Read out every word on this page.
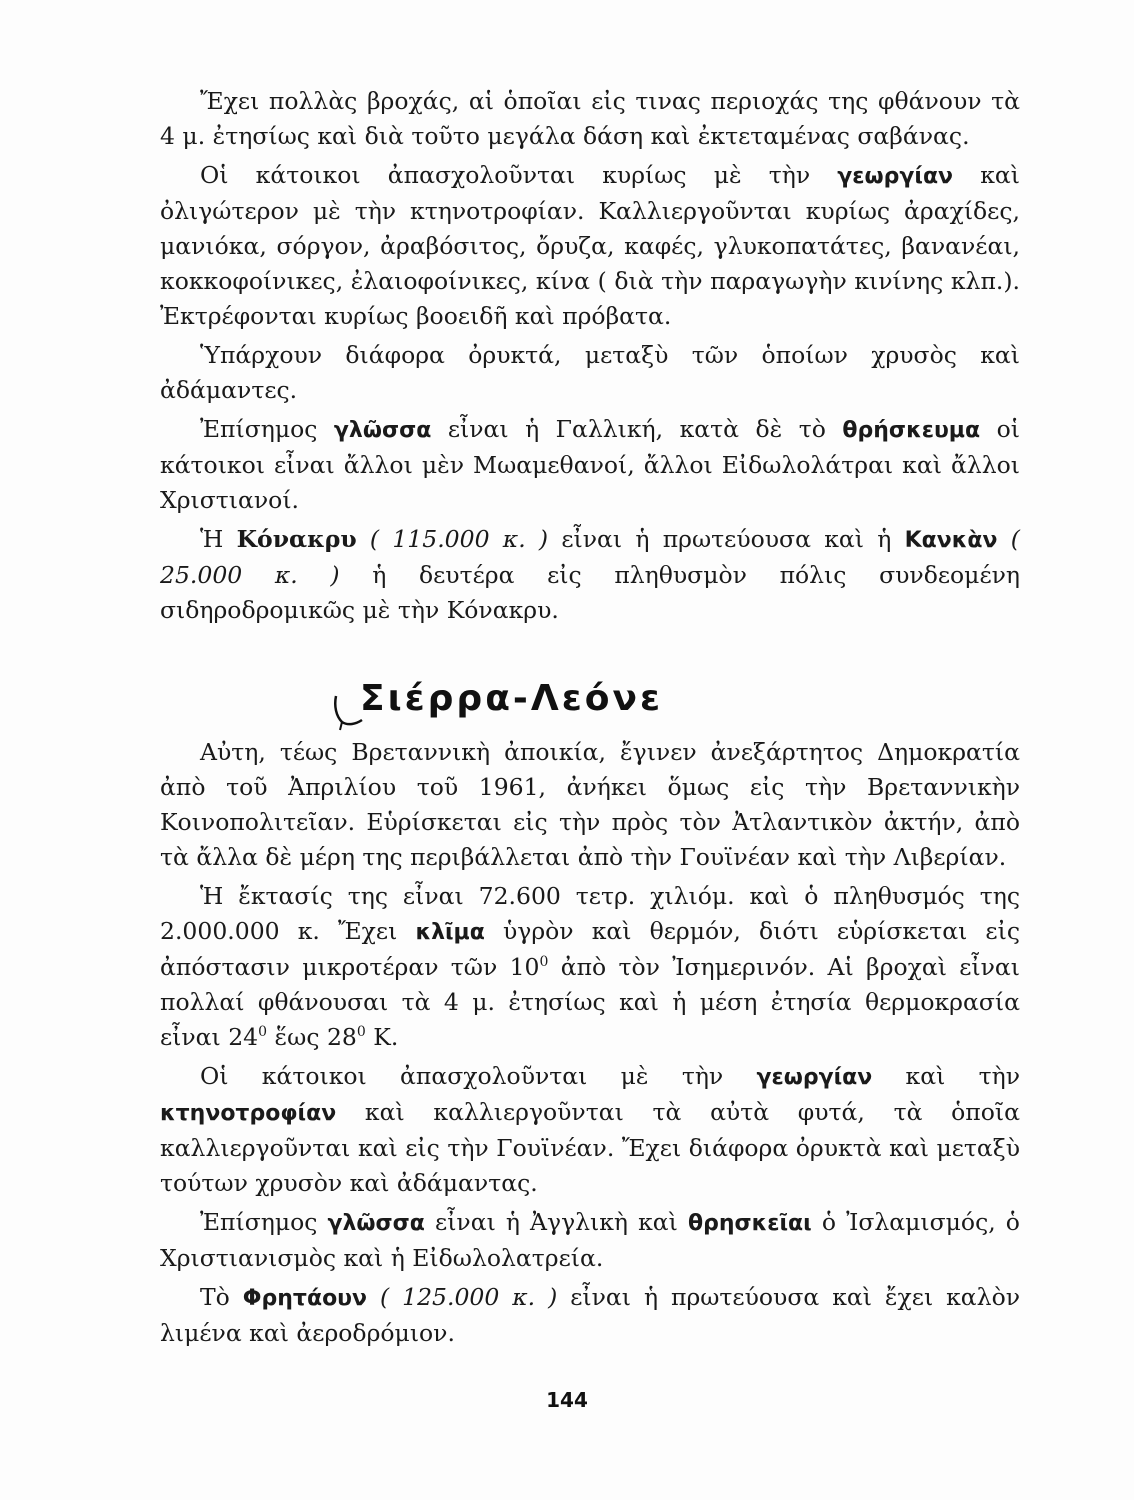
Ἔχει πολλὰς βροχάς, αἱ ὁποῖαι εἰς τινας περιοχάς της φθάνουν τὰ 4 μ. ἐτησίως καὶ διὰ τοῦτο μεγάλα δάση καὶ ἐκτεταμένας σαβάνας.

Οἱ κάτοικοι ἀπασχολοῦνται κυρίως μὲ τὴν γεωργίαν καὶ ὀλιγώτερον μὲ τὴν κτηνοτροφίαν. Καλλιεργοῦνται κυρίως ἀραχίδες, μανιόκα, σόργον, ἀραβόσιτος, ὄρυζα, καφές, γλυκοπατάτες, βανανέαι, κοκκοφοίνικες, ἐλαιοφοίνικες, κίνα ( διὰ τὴν παραγωγὴν κινίνης κλπ.). Ἐκτρέφονται κυρίως βοοειδῆ καὶ πρόβατα.

Ὑπάρχουν διάφορα ὀρυκτά, μεταξὺ τῶν ὁποίων χρυσὸς καὶ ἀδάμαντες.

Ἐπίσημος γλῶσσα εἶναι ἡ Γαλλική, κατὰ δὲ τὸ θρήσκευμα οἱ κάτοικοι εἶναι ἄλλοι μὲν Μωαμεθανοί, ἄλλοι Εἰδωλολάτραι καὶ ἄλλοι Χριστιανοί.

Ἡ Κόνακρυ ( 115.000 κ. ) εἶναι ἡ πρωτεύουσα καὶ ἡ Κανκὰν ( 25.000 κ. ) ἡ δευτέρα εἰς πληθυσμὸν πόλις συνδεομένη σιδηροδρομικῶς μὲ τὴν Κόνακρυ.

Σιέρρα-Λεόνε

Αὐτη, τέως Βρεταννικὴ ἀποικία, ἔγινεν ἀνεξάρτητος Δημοκρατία ἀπὸ τοῦ Ἀπριλίου τοῦ 1961, ἀνήκει ὅμως εἰς τὴν Βρεταννικὴν Κοινοπολιτεῖαν. Εὑρίσκεται εἰς τὴν πρὸς τὸν Ἀτλαντικὸν ἀκτήν, ἀπὸ τὰ ἄλλα δὲ μέρη της περιβάλλεται ἀπὸ τὴν Γουϊνέαν καὶ τὴν Λιβερίαν.

Ἡ ἔκτασίς της εἶναι 72.600 τετρ. χιλιόμ. καὶ ὁ πληθυσμός της 2.000.000 κ. Ἔχει κλῖμα ὑγρὸν καὶ θερμόν, διότι εὑρίσκεται εἰς ἀπόστασιν μικροτέραν τῶν $10^0$ ἀπὸ τὸν Ἰσημερινόν. Αἱ βροχαὶ εἶναι πολλαί φθάνουσαι τὰ 4 μ. ἐτησίως καὶ ἡ μέση ἐτησία θερμοκρασία εἶναι $24^0$ ἕως $28^0$ Κ.

Οἱ κάτοικοι ἀπασχολοῦνται μὲ τὴν γεωργίαν καὶ τὴν κτηνοτροφίαν καὶ καλλιεργοῦνται τὰ αὐτὰ φυτά, τὰ ὁποῖα καλλιεργοῦνται καὶ εἰς τὴν Γουϊνέαν. Ἔχει διάφορα ὀρυκτὰ καὶ μεταξὺ τούτων χρυσὸν καὶ ἀδάμαντας.

Ἐπίσημος γλῶσσα εἶναι ἡ Ἀγγλικὴ καὶ θρησκεῖαι ὁ Ἰσλαμισμός, ὁ Χριστιανισμὸς καὶ ἡ Εἰδωλολατρεία.

Τὸ Φρητάουν ( 125.000 κ. ) εἶναι ἡ πρωτεύουσα καὶ ἔχει καλὸν λιμένα καὶ ἀεροδρόμιον.

144
